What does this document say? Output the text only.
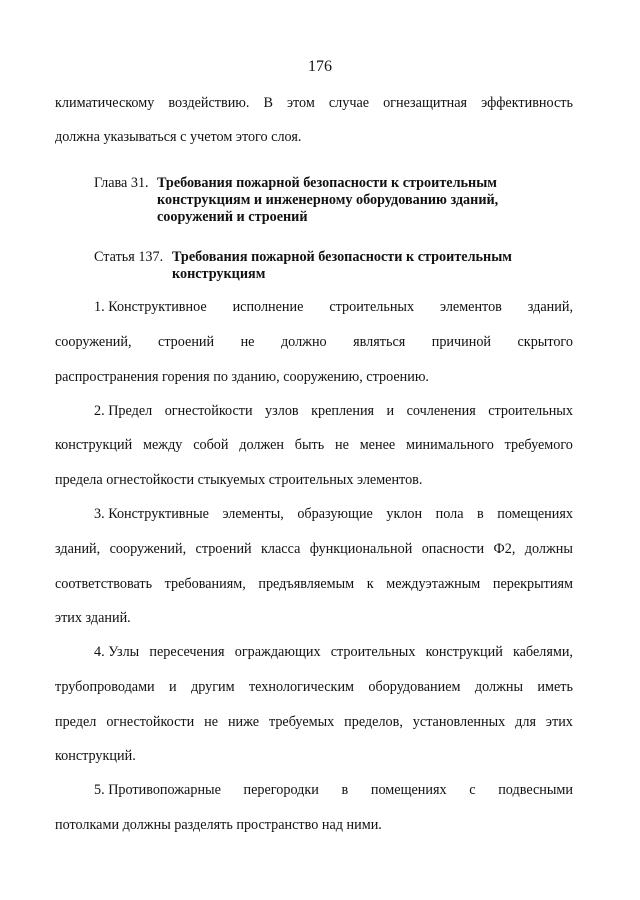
176
климатическому воздействию. В этом случае огнезащитная эффективность
должна указываться с учетом этого слоя.
Глава 31. Требования пожарной безопасности к строительным
конструкциям и инженерному оборудованию зданий,
сооружений и строений
Статья 137. Требования пожарной безопасности к строительным
конструкциям
1. Конструктивное исполнение строительных элементов зданий,
сооружений, строений не должно являться причиной скрытого
распространения горения по зданию, сооружению, строению.
2. Предел огнестойкости узлов крепления и сочленения строительных
конструкций между собой должен быть не менее минимального требуемого
предела огнестойкости стыкуемых строительных элементов.
3. Конструктивные элементы, образующие уклон пола в помещениях
зданий, сооружений, строений класса функциональной опасности Ф2, должны
соответствовать требованиям, предъявляемым к междуэтажным перекрытиям
этих зданий.
4. Узлы пересечения ограждающих строительных конструкций кабелями,
трубопроводами и другим технологическим оборудованием должны иметь
предел огнестойкости не ниже требуемых пределов, установленных для этих
конструкций.
5. Противопожарные перегородки в помещениях с подвесными
потолками должны разделять пространство над ними.
